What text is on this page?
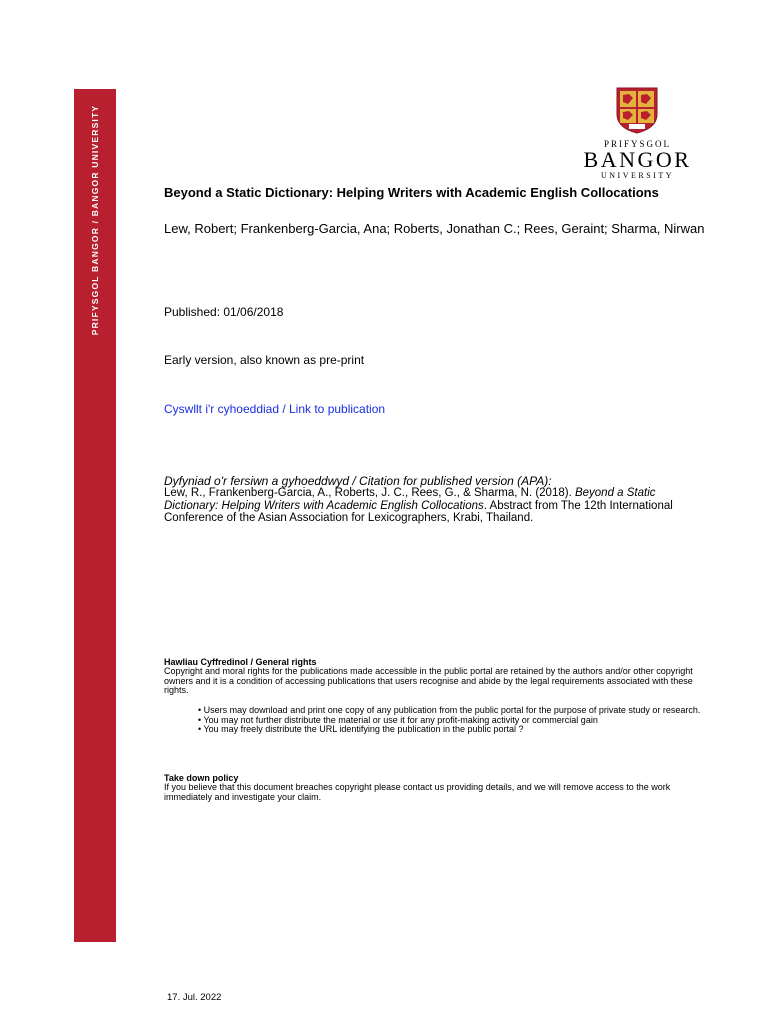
PRIFYSGOL BANGOR / BANGOR UNIVERSITY	PRIFYSGOL
BANGOR
UNIVERSITY
Beyond a Static Dictionary: Helping Writers with Academic English Collocations
Lew, Robert; Frankenberg-Garcia, Ana; Roberts, Jonathan C.; Rees, Geraint; Sharma, Nirwan
Published: 01/06/2018
Early version, also known as pre-print
Cyswllt i'r cyhoeddiad / Link to publication
Dyfyniad o'r fersiwn a gyhoeddwyd / Citation for published version (APA):
Lew, R., Frankenberg-Garcia, A., Roberts, J. C., Rees, G., & Sharma, N. (2018). Beyond a Static Dictionary: Helping Writers with Academic English Collocations. Abstract from The 12th International Conference of the Asian Association for Lexicographers, Krabi, Thailand.
Hawliau Cyffredinol / General rights
Copyright and moral rights for the publications made accessible in the public portal are retained by the authors and/or other copyright owners and it is a condition of accessing publications that users recognise and abide by the legal requirements associated with these rights.
• Users may download and print one copy of any publication from the public portal for the purpose of private study or research.
• You may not further distribute the material or use it for any profit-making activity or commercial gain
• You may freely distribute the URL identifying the publication in the public portal ?
Take down policy
If you believe that this document breaches copyright please contact us providing details, and we will remove access to the work immediately and investigate your claim.
17. Jul. 2022
